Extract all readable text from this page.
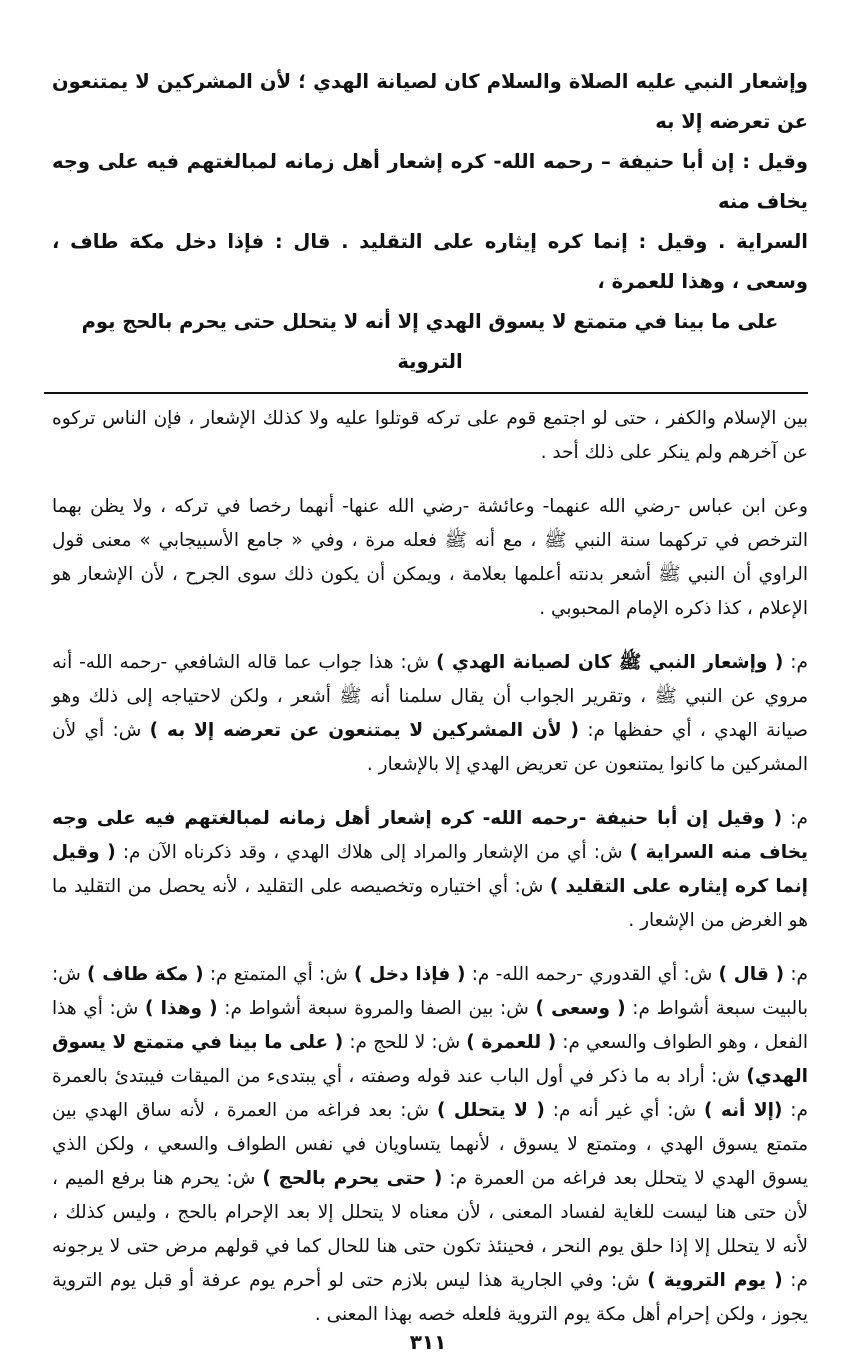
وإشعار النبي عليه الصلاة والسلام كان لصيانة الهدي ؛ لأن المشركين لا يمتنعون عن تعرضه إلا به

وقيل : إن أبا حنيفة – رحمه الله- كره إشعار أهل زمانه لمبالغتهم فيه على وجه يخاف منه

السراية . وقيل : إنما كره إيثاره على التقليد . قال : فإذا دخل مكة طاف ، وسعى ، وهذا للعمرة ،

على ما بينا في متمتع لا يسوق الهدي إلا أنه لا يتحلل حتى يحرم بالحج يوم التروية

بين الإسلام والكفر ، حتى لو اجتمع قوم على تركه قوتلوا عليه ولا كذلك الإشعار ، فإن الناس تركوه عن آخرهم ولم ينكر على ذلك أحد .

وعن ابن عباس -رضي الله عنهما- وعائشة -رضي الله عنها- أنهما رخصا في تركه ، ولا يظن بهما الترخص في تركهما سنة النبي ﷺ ، مع أنه ﷺ فعله مرة ، وفي « جامع الأسبيجابي » معنى قول الراوي أن النبي ﷺ أشعر بدنته أعلمها بعلامة ، ويمكن أن يكون ذلك سوى الجرح ، لأن الإشعار هو الإعلام ، كذا ذكره الإمام المحبوبي .

م: ( وإشعار النبي ﷺ كان لصيانة الهدي ) ش: هذا جواب عما قاله الشافعي -رحمه الله- أنه مروي عن النبي ﷺ ، وتقرير الجواب أن يقال سلمنا أنه ﷺ أشعر ، ولكن لاحتياجه إلى ذلك وهو صيانة الهدي ، أي حفظها م: ( لأن المشركين لا يمتنعون عن تعرضه إلا به ) ش: أي لأن المشركين ما كانوا يمتنعون عن تعريض الهدي إلا بالإشعار .

م: ( وقيل إن أبا حنيفة -رحمه الله- كره إشعار أهل زمانه لمبالغتهم فيه على وجه يخاف منه السراية ) ش: أي من الإشعار والمراد إلى هلاك الهدي ، وقد ذكرناه الآن م: ( وقيل إنما كره إيثاره على التقليد ) ش: أي اختياره وتخصيصه على التقليد ، لأنه يحصل من التقليد ما هو الغرض من الإشعار .

م: ( قال ) ش: أي القدوري -رحمه الله- م: ( فإذا دخل ) ش: أي المتمتع م: ( مكة طاف ) ش: بالبيت سبعة أشواط م: ( وسعى ) ش: بين الصفا والمروة سبعة أشواط م: ( وهذا ) ش: أي هذا الفعل ، وهو الطواف والسعي م: ( للعمرة ) ش: لا للحج م: ( على ما بينا في متمتع لا يسوق الهدي) ش: أراد به ما ذكر في أول الباب عند قوله وصفته ، أي يبتدىء من الميقات فيبتدئ بالعمرة م: (إلا أنه ) ش: أي غير أنه م: ( لا يتحلل ) ش: بعد فراغه من العمرة ، لأنه ساق الهدي بين متمتع يسوق الهدي ، ومتمتع لا يسوق ، لأنهما يتساويان في نفس الطواف والسعي ، ولكن الذي يسوق الهدي لا يتحلل بعد فراغه من العمرة م: ( حتى يحرم بالحج ) ش: يحرم هنا برفع الميم ، لأن حتى هنا ليست للغاية لفساد المعنى ، لأن معناه لا يتحلل إلا بعد الإحرام بالحج ، وليس كذلك ، لأنه لا يتحلل إلا إذا حلق يوم النحر ، فحينئذ تكون حتى هنا للحال كما في قولهم مرض حتى لا يرجونه م: ( يوم التروية ) ش: وفي الجارية هذا ليس بلازم حتى لو أحرم يوم عرفة أو قبل يوم التروية يجوز ، ولكن إحرام أهل مكة يوم التروية فلعله خصه بهذا المعنى .

٣١١
